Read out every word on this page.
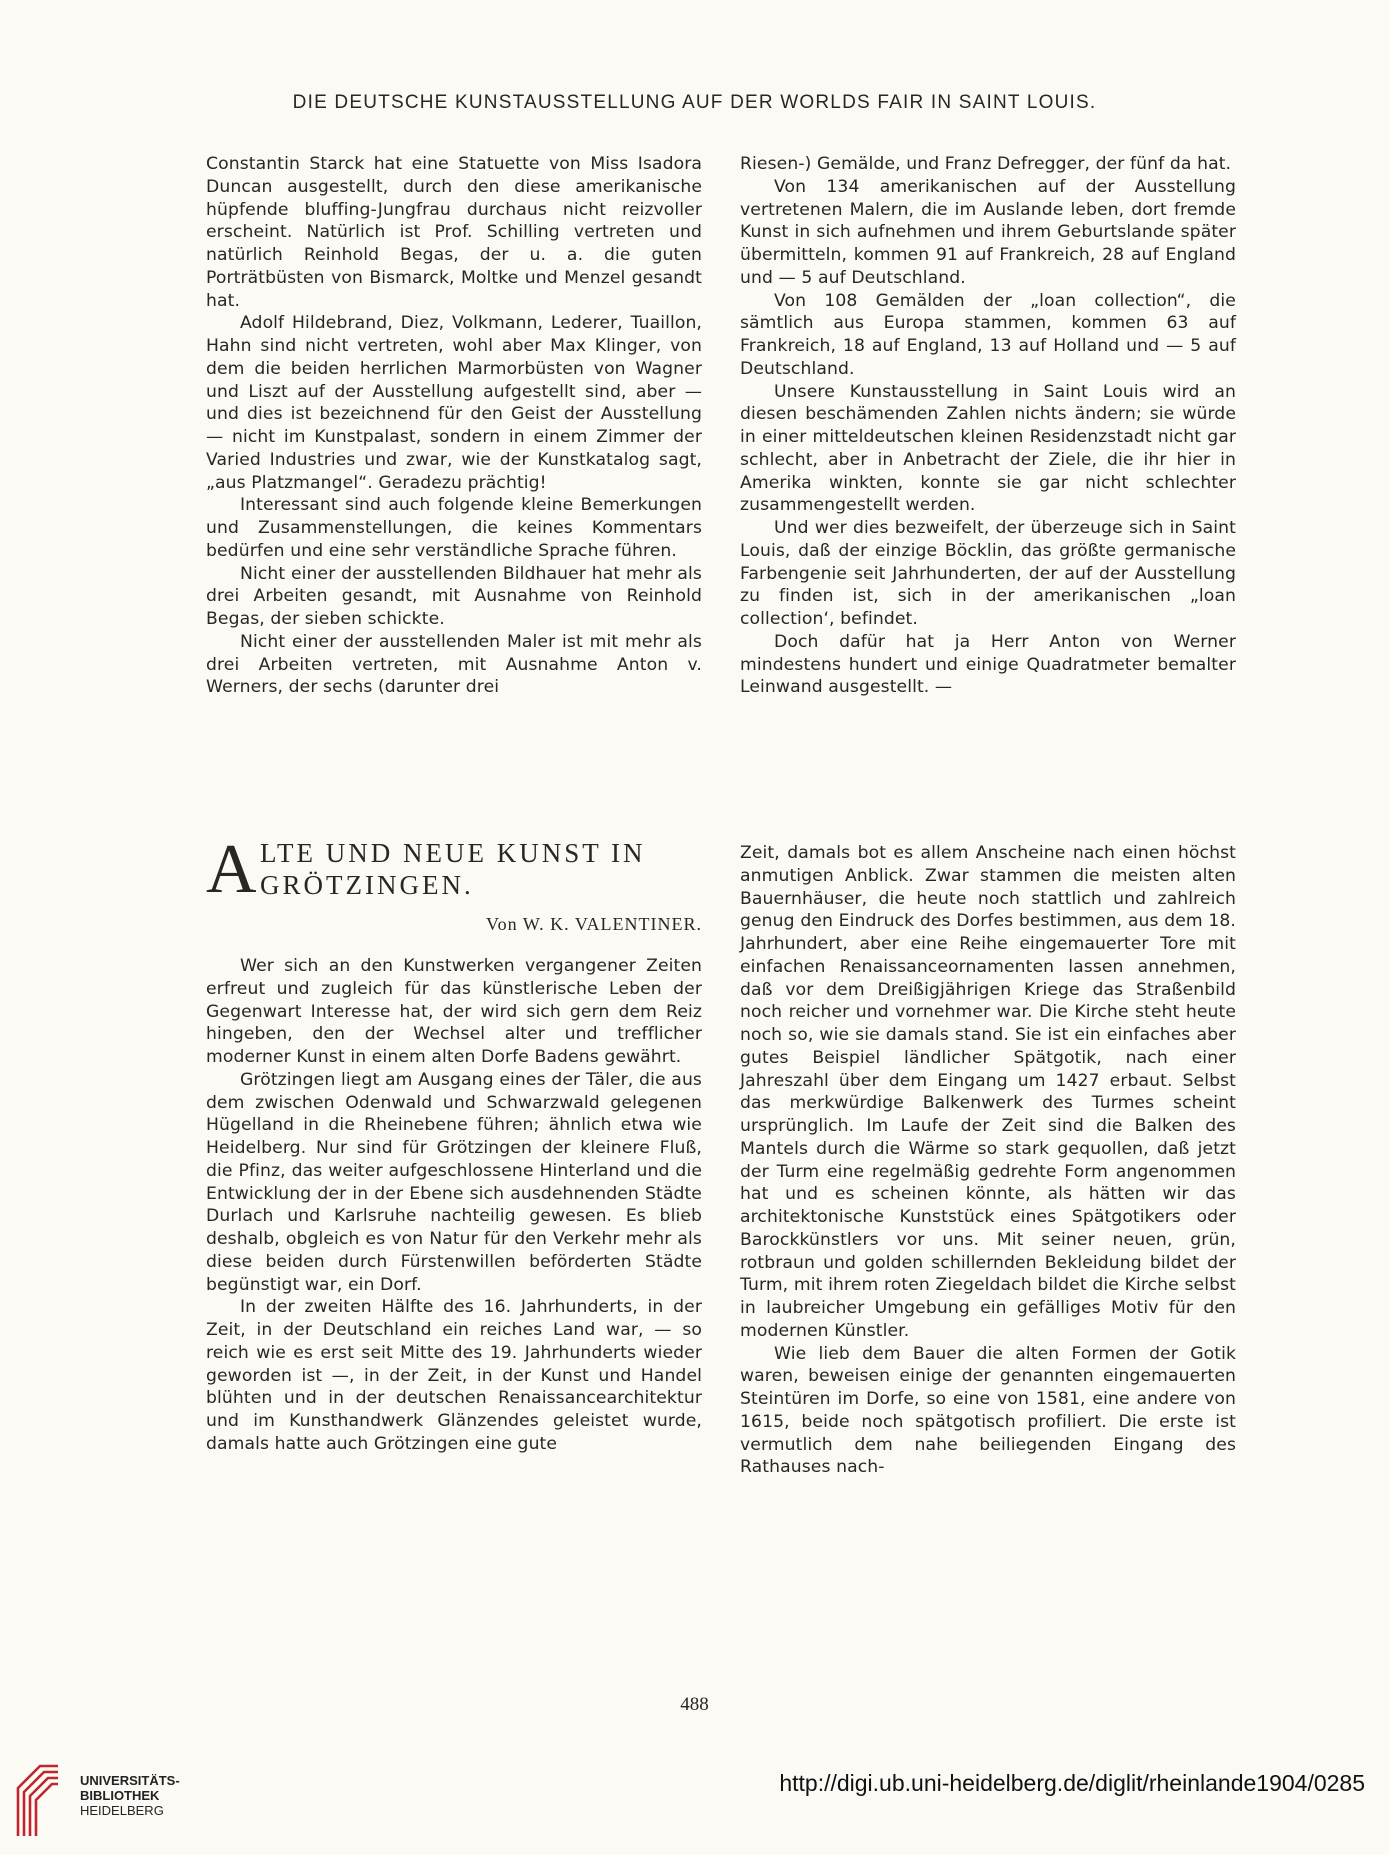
DIE DEUTSCHE KUNSTAUSSTELLUNG AUF DER WORLDS FAIR IN SAINT LOUIS.

Constantin Starck hat eine Statuette von Miss Isadora Duncan ausgestellt, durch den diese amerikanische hüpfende bluffing-Jungfrau durchaus nicht reizvoller erscheint. Natürlich ist Prof. Schilling vertreten und natürlich Reinhold Begas, der u. a. die guten Porträtbüsten von Bismarck, Moltke und Menzel gesandt hat.

Adolf Hildebrand, Diez, Volkmann, Lederer, Tuaillon, Hahn sind nicht vertreten, wohl aber Max Klinger, von dem die beiden herrlichen Marmorbüsten von Wagner und Liszt auf der Ausstellung aufgestellt sind, aber — und dies ist bezeichnend für den Geist der Ausstellung — nicht im Kunstpalast, sondern in einem Zimmer der Varied Industries und zwar, wie der Kunstkatalog sagt, „aus Platzmangel“. Geradezu prächtig!

Interessant sind auch folgende kleine Bemerkungen und Zusammenstellungen, die keines Kommentars bedürfen und eine sehr verständliche Sprache führen.

Nicht einer der ausstellenden Bildhauer hat mehr als drei Arbeiten gesandt, mit Ausnahme von Reinhold Begas, der sieben schickte.

Nicht einer der ausstellenden Maler ist mit mehr als drei Arbeiten vertreten, mit Ausnahme Anton v. Werners, der sechs (darunter drei

Riesen-) Gemälde, und Franz Defregger, der fünf da hat.

Von 134 amerikanischen auf der Ausstellung vertretenen Malern, die im Auslande leben, dort fremde Kunst in sich aufnehmen und ihrem Geburtslande später übermitteln, kommen 91 auf Frankreich, 28 auf England und — 5 auf Deutschland.

Von 108 Gemälden der „loan collection“, die sämtlich aus Europa stammen, kommen 63 auf Frankreich, 18 auf England, 13 auf Holland und — 5 auf Deutschland.

Unsere Kunstausstellung in Saint Louis wird an diesen beschämenden Zahlen nichts ändern; sie würde in einer mitteldeutschen kleinen Residenzstadt nicht gar schlecht, aber in Anbetracht der Ziele, die ihr hier in Amerika winkten, konnte sie gar nicht schlechter zusammengestellt werden.

Und wer dies bezweifelt, der überzeuge sich in Saint Louis, daß der einzige Böcklin, das größte germanische Farbengenie seit Jahrhunderten, der auf der Ausstellung zu finden ist, sich in der amerikanischen „loan collection‘, befindet.

Doch dafür hat ja Herr Anton von Werner mindestens hundert und einige Quadratmeter bemalter Leinwand ausgestellt. —

A LTE UND NEUE KUNST IN
GRÖTZINGEN.
Von W. K. VALENTINER.

Wer sich an den Kunstwerken vergangener Zeiten erfreut und zugleich für das künstlerische Leben der Gegenwart Interesse hat, der wird sich gern dem Reiz hingeben, den der Wechsel alter und trefflicher moderner Kunst in einem alten Dorfe Badens gewährt.

Grötzingen liegt am Ausgang eines der Täler, die aus dem zwischen Odenwald und Schwarzwald gelegenen Hügelland in die Rheinebene führen; ähnlich etwa wie Heidelberg. Nur sind für Grötzingen der kleinere Fluß, die Pfinz, das weiter aufgeschlossene Hinterland und die Entwicklung der in der Ebene sich ausdehnenden Städte Durlach und Karlsruhe nachteilig gewesen. Es blieb deshalb, obgleich es von Natur für den Verkehr mehr als diese beiden durch Fürstenwillen beförderten Städte begünstigt war, ein Dorf.

In der zweiten Hälfte des 16. Jahrhunderts, in der Zeit, in der Deutschland ein reiches Land war, — so reich wie es erst seit Mitte des 19. Jahrhunderts wieder geworden ist —, in der Zeit, in der Kunst und Handel blühten und in der deutschen Renaissancearchitektur und im Kunsthandwerk Glänzendes geleistet wurde, damals hatte auch Grötzingen eine gute

Zeit, damals bot es allem Anscheine nach einen höchst anmutigen Anblick. Zwar stammen die meisten alten Bauernhäuser, die heute noch stattlich und zahlreich genug den Eindruck des Dorfes bestimmen, aus dem 18. Jahrhundert, aber eine Reihe eingemauerter Tore mit einfachen Renaissanceornamenten lassen annehmen, daß vor dem Dreißigjährigen Kriege das Straßenbild noch reicher und vornehmer war. Die Kirche steht heute noch so, wie sie damals stand. Sie ist ein einfaches aber gutes Beispiel ländlicher Spätgotik, nach einer Jahreszahl über dem Eingang um 1427 erbaut. Selbst das merkwürdige Balkenwerk des Turmes scheint ursprünglich. Im Laufe der Zeit sind die Balken des Mantels durch die Wärme so stark gequollen, daß jetzt der Turm eine regelmäßig gedrehte Form angenommen hat und es scheinen könnte, als hätten wir das architektonische Kunststück eines Spätgotikers oder Barockkünstlers vor uns. Mit seiner neuen, grün, rotbraun und golden schillernden Bekleidung bildet der Turm, mit ihrem roten Ziegeldach bildet die Kirche selbst in laubreicher Umgebung ein gefälliges Motiv für den modernen Künstler.

Wie lieb dem Bauer die alten Formen der Gotik waren, beweisen einige der genannten eingemauerten Steintüren im Dorfe, so eine von 1581, eine andere von 1615, beide noch spätgotisch profiliert. Die erste ist vermutlich dem nahe beiliegenden Eingang des Rathauses nach-

488
UNIVERSITÄTS-
BIBLIOTHEK
HEIDELBERG
http://digi.ub.uni-heidelberg.de/diglit/rheinlande1904/0285
